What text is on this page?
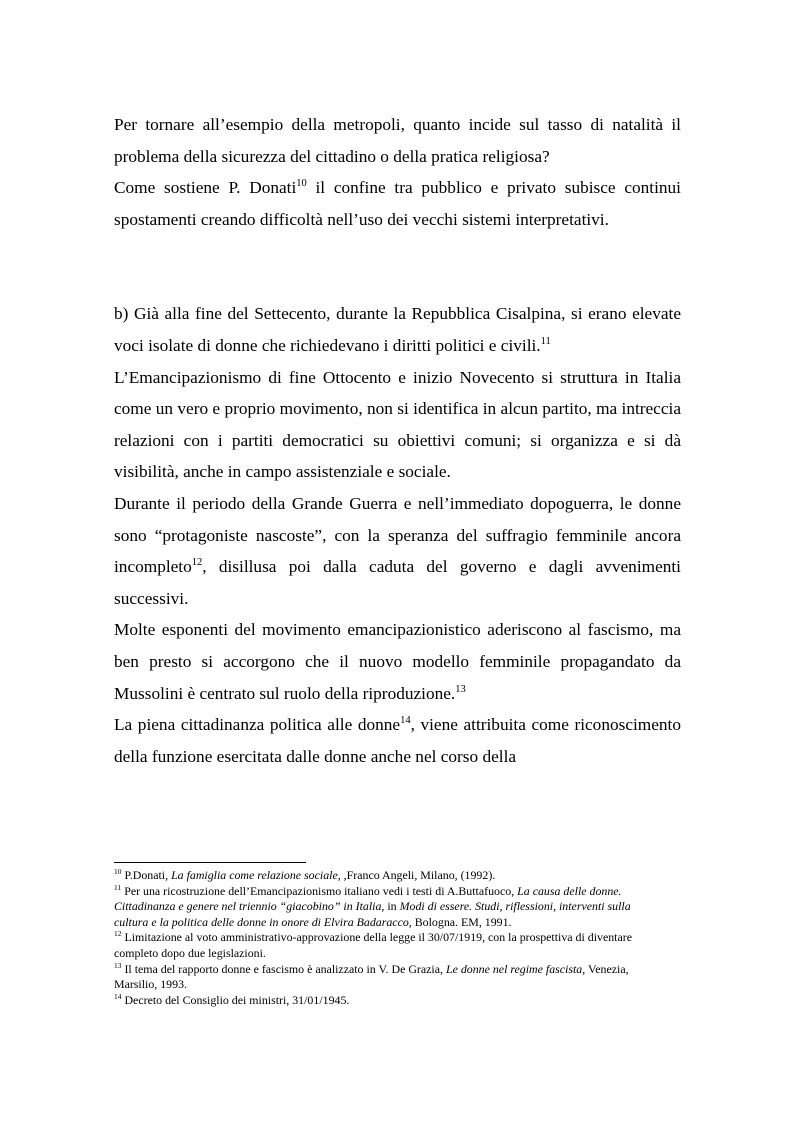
Per tornare all’esempio della metropoli, quanto incide sul tasso di natalità il problema della sicurezza del cittadino o della pratica religiosa?

Come sostiene P. Donati$^{10}$ il confine tra pubblico e privato subisce continui spostamenti creando difficoltà nell’uso dei vecchi sistemi interpretativi.

b) Già alla fine del Settecento, durante la Repubblica Cisalpina, si erano elevate voci isolate di donne che richiedevano i diritti politici e civili.$^{11}$

L’Emancipazionismo di fine Ottocento e inizio Novecento si struttura in Italia come un vero e proprio movimento, non si identifica in alcun partito, ma intreccia relazioni con i partiti democratici su obiettivi comuni; si organizza e si dà visibilità, anche in campo assistenziale e sociale.

Durante il periodo della Grande Guerra e nell’immediato dopoguerra, le donne sono “protagoniste nascoste”, con la speranza del suffragio femminile ancora incompleto$^{12}$, disillusa poi dalla caduta del governo e dagli avvenimenti successivi.

Molte esponenti del movimento emancipazionistico aderiscono al fascismo, ma ben presto si accorgono che il nuovo modello femminile propagandato da Mussolini è centrato sul ruolo della riproduzione.$^{13}$

La piena cittadinanza politica alle donne$^{14}$, viene attribuita come riconoscimento della funzione esercitata dalle donne anche nel corso della

$^{10}$ P.Donati, La famiglia come relazione sociale, ,Franco Angeli, Milano, (1992).

$^{11}$ Per una ricostruzione dell’Emancipazionismo italiano vedi i testi di A.Buttafuoco, La causa delle donne. Cittadinanza e genere nel triennio “giacobino” in Italia, in Modi di essere. Studi, riflessioni, interventi sulla cultura e la politica delle donne in onore di Elvira Badaracco, Bologna. EM, 1991.

$^{12}$ Limitazione al voto amministrativo-approvazione della legge il 30/07/1919, con la prospettiva di diventare completo dopo due legislazioni.

$^{13}$ Il tema del rapporto donne e fascismo è analizzato in V. De Grazia, Le donne nel regime fascista, Venezia, Marsilio, 1993.

$^{14}$ Decreto del Consiglio dei ministri, 31/01/1945.
